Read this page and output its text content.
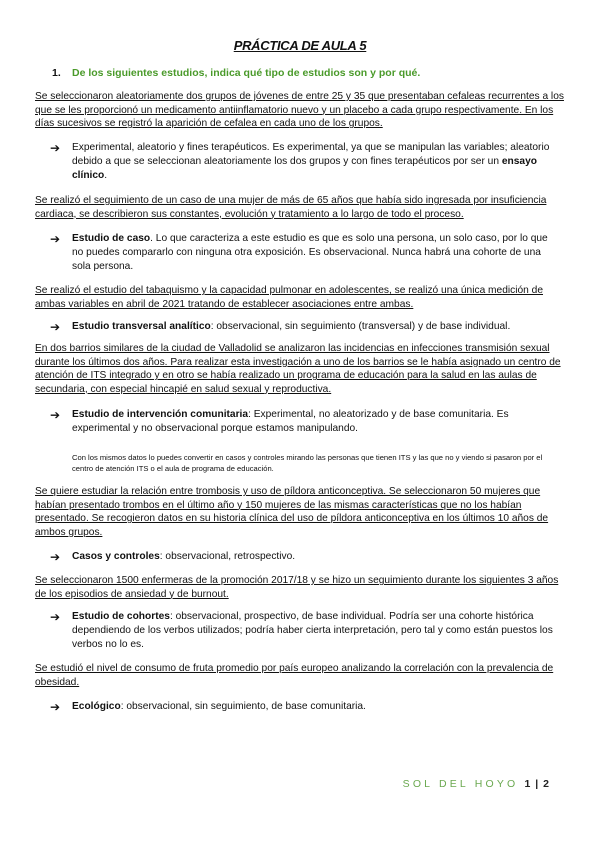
PRÁCTICA DE AULA 5
1. De los siguientes estudios, indica qué tipo de estudios son y por qué.
Se seleccionaron aleatoriamente dos grupos de jóvenes de entre 25 y 35 que presentaban cefaleas recurrentes a los que se les proporcionó un medicamento antiinflamatorio nuevo y un placebo a cada grupo respectivamente. En los días sucesivos se registró la aparición de cefalea en cada uno de los grupos.
➔ Experimental, aleatorio y fines terapéuticos. Es experimental, ya que se manipulan las variables; aleatorio debido a que se seleccionan aleatoriamente los dos grupos y con fines terapéuticos por ser un ensayo clínico.
Se realizó el seguimiento de un caso de una mujer de más de 65 años que había sido ingresada por insuficiencia cardiaca, se describieron sus constantes, evolución y tratamiento a lo largo de todo el proceso.
➔ Estudio de caso. Lo que caracteriza a este estudio es que es solo una persona, un solo caso, por lo que no puedes compararlo con ninguna otra exposición. Es observacional. Nunca habrá una cohorte de una sola persona.
Se realizó el estudio del tabaquismo y la capacidad pulmonar en adolescentes, se realizó una única medición de ambas variables en abril de 2021 tratando de establecer asociaciones entre ambas.
➔ Estudio transversal analítico: observacional, sin seguimiento (transversal) y de base individual.
En dos barrios similares de la ciudad de Valladolid se analizaron las incidencias en infecciones transmisión sexual durante los últimos dos años. Para realizar esta investigación a uno de los barrios se le había asignado un centro de atención de ITS integrado y en otro se había realizado un programa de educación para la salud en las aulas de secundaria, con especial hincapié en salud sexual y reproductiva.
➔ Estudio de intervención comunitaria: Experimental, no aleatorizado y de base comunitaria. Es experimental y no observacional porque estamos manipulando.
Con los mismos datos lo puedes convertir en casos y controles mirando las personas que tienen ITS y las que no y viendo si pasaron por el centro de atención ITS o el aula de programa de educación.
Se quiere estudiar la relación entre trombosis y uso de píldora anticonceptiva. Se seleccionaron 50 mujeres que habían presentado trombos en el último año y 150 mujeres de las mismas características que no los habían presentado. Se recogieron datos en su historia clínica del uso de píldora anticonceptiva en los últimos 10 años de ambos grupos.
➔ Casos y controles: observacional, retrospectivo.
Se seleccionaron 1500 enfermeras de la promoción 2017/18 y se hizo un seguimiento durante los siguientes 3 años de los episodios de ansiedad y de burnout.
➔ Estudio de cohortes: observacional, prospectivo, de base individual. Podría ser una cohorte histórica dependiendo de los verbos utilizados; podría haber cierta interpretación, pero tal y como están puestos los verbos no lo es.
Se estudió el nivel de consumo de fruta promedio por país europeo analizando la correlación con la prevalencia de obesidad.
➔ Ecológico: observacional, sin seguimiento, de base comunitaria.
SOL DEL HOYO 1 | 2
